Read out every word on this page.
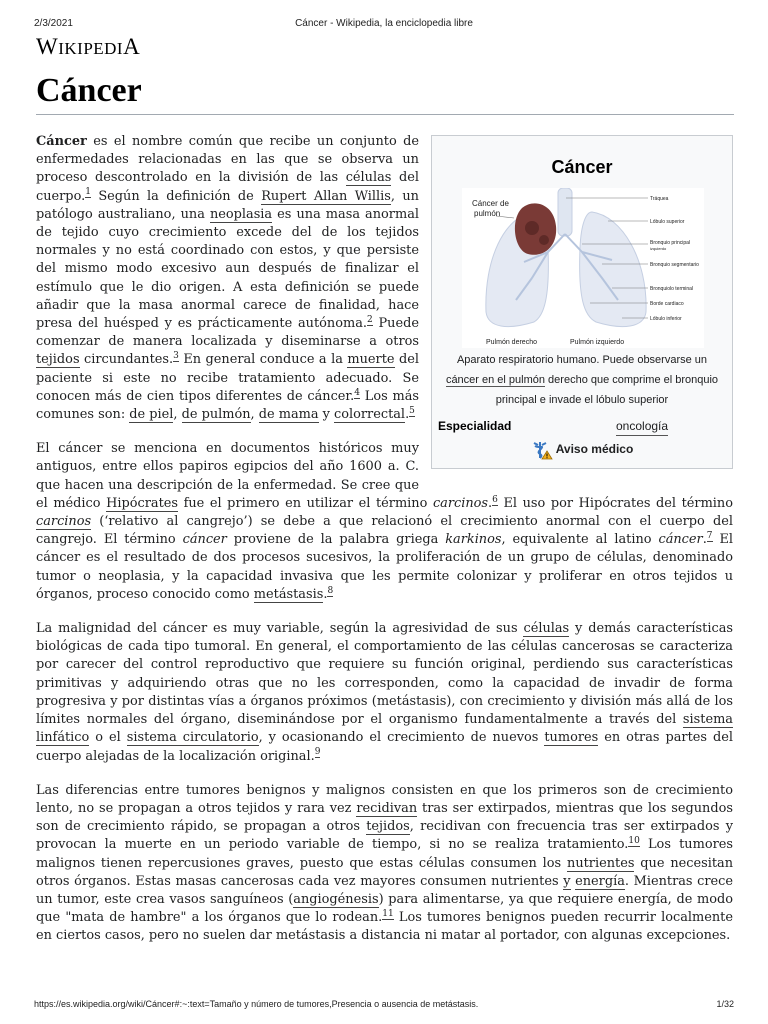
2/3/2021	Cáncer - Wikipedia, la enciclopedia libre
WIKIPEDIA
Cáncer
Cáncer
Cáncer de
pulmón
Tráquea
Lóbulo superior
Bronquio principal
izquierdo
Bronquio segmentario
Bronquiolo terminal
Borde cardiaco
Lóbulo inferior
Pulmón derecho	Pulmón izquierdo
Aparato respiratorio humano. Puede observarse un
cáncer en el pulmón derecho que comprime el bronquio
principal e invade el lóbulo superior
Especialidad	oncología
Aviso médico

Cáncer es el nombre común que recibe un conjunto de enfermedades relacionadas en las que se observa un proceso descontrolado en la división de las células del cuerpo.$^1$ Según la definición de Rupert Allan Willis, un patólogo australiano, una neoplasia es una masa anormal de tejido cuyo crecimiento excede del de los tejidos normales y no está coordinado con estos, y que persiste del mismo modo excesivo aun después de finalizar el estímulo que le dio origen. A esta definición se puede añadir que la masa anormal carece de finalidad, hace presa del huésped y es prácticamente autónoma.$^2$ Puede comenzar de manera localizada y diseminarse a otros tejidos circundantes.$^3$ En general conduce a la muerte del paciente si este no recibe tratamiento adecuado. Se conocen más de cien tipos diferentes de cáncer.$^4$ Los más comunes son: de piel, de pulmón, de mama y colorrectal.$^5$

El cáncer se menciona en documentos históricos muy antiguos, entre ellos papiros egipcios del año 1600 a. C. que hacen una descripción de la enfermedad. Se cree que el médico Hipócrates fue el primero en utilizar el término carcinos.$^6$ El uso por Hipócrates del término carcinos (‘relativo al cangrejo’) se debe a que relacionó el crecimiento anormal con el cuerpo del cangrejo. El término cáncer proviene de la palabra griega karkinos, equivalente al latino cáncer.$^7$ El cáncer es el resultado de dos procesos sucesivos, la proliferación de un grupo de células, denominado tumor o neoplasia, y la capacidad invasiva que les permite colonizar y proliferar en otros tejidos u órganos, proceso conocido como metástasis.$^8$

La malignidad del cáncer es muy variable, según la agresividad de sus células y demás características biológicas de cada tipo tumoral. En general, el comportamiento de las células cancerosas se caracteriza por carecer del control reproductivo que requiere su función original, perdiendo sus características primitivas y adquiriendo otras que no les corresponden, como la capacidad de invadir de forma progresiva y por distintas vías a órganos próximos (metástasis), con crecimiento y división más allá de los límites normales del órgano, diseminándose por el organismo fundamentalmente a través del sistema linfático o el sistema circulatorio, y ocasionando el crecimiento de nuevos tumores en otras partes del cuerpo alejadas de la localización original.$^9$

Las diferencias entre tumores benignos y malignos consisten en que los primeros son de crecimiento lento, no se propagan a otros tejidos y rara vez recidivan tras ser extirpados, mientras que los segundos son de crecimiento rápido, se propagan a otros tejidos, recidivan con frecuencia tras ser extirpados y provocan la muerte en un periodo variable de tiempo, si no se realiza tratamiento.$^{10}$ Los tumores malignos tienen repercusiones graves, puesto que estas células consumen los nutrientes que necesitan otros órganos. Estas masas cancerosas cada vez mayores consumen nutrientes y energía. Mientras crece un tumor, este crea vasos sanguíneos (angiogénesis) para alimentarse, ya que requiere energía, de modo que "mata de hambre" a los órganos que lo rodean.$^{11}$ Los tumores benignos pueden recurrir localmente en ciertos casos, pero no suelen dar metástasis a distancia ni matar al portador, con algunas excepciones.

https://es.wikipedia.org/wiki/Cáncer#:~:text=Tamaño y número de tumores,Presencia o ausencia de metástasis.	1/32
